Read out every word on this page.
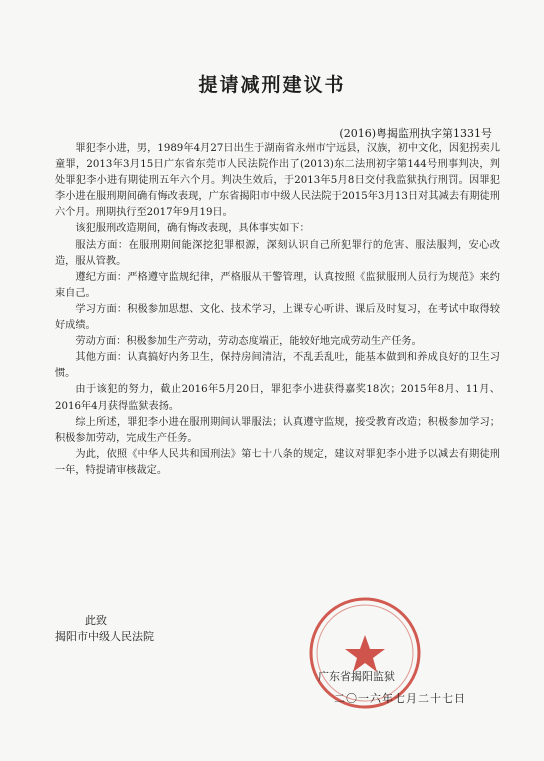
提请减刑建议书
(2016)粤揭监刑执字第1331号

罪犯李小进，男，1989年4月27日出生于湖南省永州市宁远县，汉族，初中文化，因犯拐卖儿童罪，2013年3月15日广东省东莞市人民法院作出了(2013)东二法刑初字第144号刑事判决，判处罪犯李小进有期徒刑五年六个月。判决生效后，于2013年5月8日交付我监狱执行刑罚。因罪犯李小进在服刑期间确有悔改表现，广东省揭阳市中级人民法院于2015年3月13日对其减去有期徒刑六个月。刑期执行至2017年9月19日。

该犯服刑改造期间，确有悔改表现，具体事实如下：

服法方面：在服刑期间能深挖犯罪根源，深刻认识自己所犯罪行的危害、服法服判，安心改造，服从管教。

遵纪方面：严格遵守监规纪律，严格服从干警管理，认真按照《监狱服刑人员行为规范》来约束自己。

学习方面：积极参加思想、文化、技术学习，上课专心听讲、课后及时复习，在考试中取得较好成绩。

劳动方面：积极参加生产劳动，劳动态度端正，能较好地完成劳动生产任务。

其他方面：认真搞好内务卫生，保持房间清洁，不乱丢乱吐，能基本做到和养成良好的卫生习惯。

由于该犯的努力，截止2016年5月20日，罪犯李小进获得嘉奖18次；2015年8月、11月、2016年4月获得监狱表扬。

综上所述，罪犯李小进在服刑期间认罪服法；认真遵守监规，接受教育改造；积极参加学习；积极参加劳动，完成生产任务。

为此，依照《中华人民共和国刑法》第七十八条的规定，建议对罪犯李小进予以减去有期徒刑一年，特提请审核裁定。

此致
揭阳市中级人民法院
广东省揭阳监狱
二〇一六年七月二十七日
